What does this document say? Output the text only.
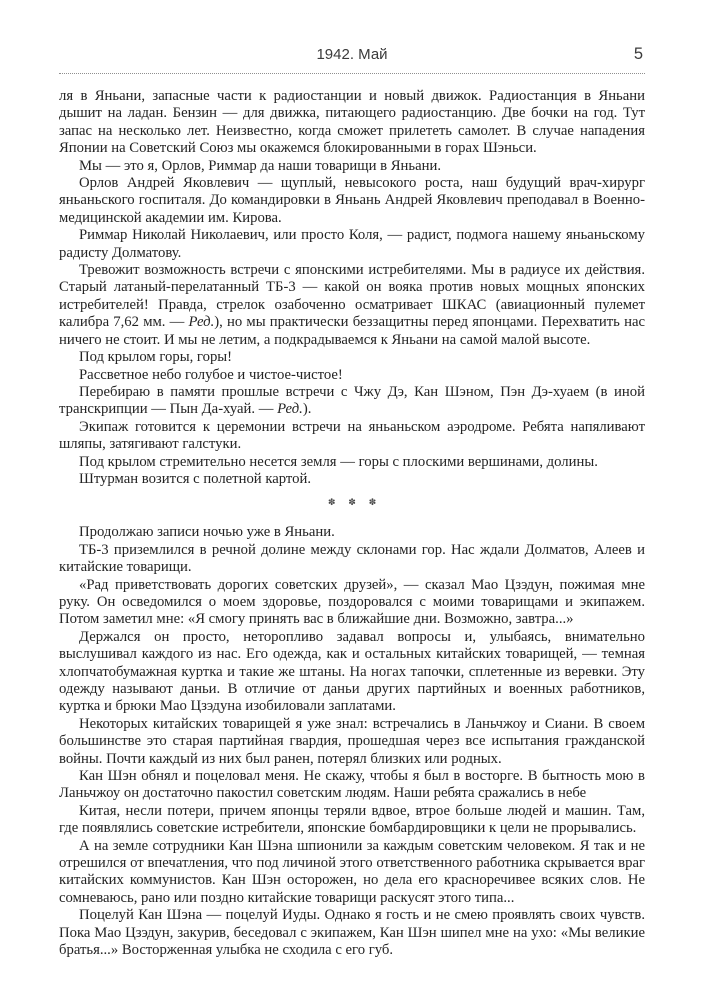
1942. Май	5

ля в Яньани, запасные части к радиостанции и новый движок. Радиостанция в Яньани дышит на ладан. Бензин — для движка, питающего радиостанцию. Две бочки на год. Тут запас на несколько лет. Неизвестно, когда сможет прилететь самолет. В случае нападения Японии на Советский Союз мы окажемся блокированными в горах Шэньси.

Мы — это я, Орлов, Риммар да наши товарищи в Яньани.

Орлов Андрей Яковлевич — щуплый, невысокого роста, наш будущий врач-хирург яньаньского госпиталя. До командировки в Яньань Андрей Яковлевич преподавал в Военно-медицинской академии им. Кирова.

Риммар Николай Николаевич, или просто Коля, — радист, подмога нашему яньаньскому радисту Долматову.

Тревожит возможность встречи с японскими истребителями. Мы в радиусе их действия. Старый латаный-перелатанный ТБ-3 — какой он вояка против новых мощных японских истребителей! Правда, стрелок озабоченно осматривает ШКАС (авиационный пулемет калибра 7,62 мм. — Ред.), но мы практически беззащитны перед японцами. Перехватить нас ничего не стоит. И мы не летим, а подкрадываемся к Яньани на самой малой высоте.

Под крылом горы, горы!

Рассветное небо голубое и чистое-чистое!

Перебираю в памяти прошлые встречи с Чжу Дэ, Кан Шэном, Пэн Дэ-хуаем (в иной транскрипции — Пын Да-хуай. — Ред.).

Экипаж готовится к церемонии встречи на яньаньском аэродроме. Ребята напяливают шляпы, затягивают галстуки.

Под крылом стремительно несется земля — горы с плоскими вершинами, долины.

Штурман возится с полетной картой.

✽ ✽ ✽

Продолжаю записи ночью уже в Яньани.

ТБ-3 приземлился в речной долине между склонами гор. Нас ждали Долматов, Алеев и китайские товарищи.

«Рад приветствовать дорогих советских друзей», — сказал Мао Цзэдун, пожимая мне руку. Он осведомился о моем здоровье, поздоровался с моими товарищами и экипажем. Потом заметил мне: «Я смогу принять вас в ближайшие дни. Возможно, завтра...»

Держался он просто, неторопливо задавал вопросы и, улыбаясь, внимательно выслушивал каждого из нас. Его одежда, как и остальных китайских товарищей, — темная хлопчатобумажная куртка и такие же штаны. На ногах тапочки, сплетенные из веревки. Эту одежду называют даньи. В отличие от даньи других партийных и военных работников, куртка и брюки Мао Цзэдуна изобиловали заплатами.

Некоторых китайских товарищей я уже знал: встречались в Ланьчжоу и Сиани. В своем большинстве это старая партийная гвардия, прошедшая через все испытания гражданской войны. Почти каждый из них был ранен, потерял близких или родных.

Кан Шэн обнял и поцеловал меня. Не скажу, чтобы я был в восторге. В бытность мою в Ланьчжоу он достаточно пакостил советским людям. Наши ребята сражались в небе

Китая, несли потери, причем японцы теряли вдвое, втрое больше людей и машин. Там, где появлялись советские истребители, японские бомбардировщики к цели не прорывались.

А на земле сотрудники Кан Шэна шпионили за каждым советским человеком. Я так и не отрешился от впечатления, что под личиной этого ответственного работника скрывается враг китайских коммунистов. Кан Шэн осторожен, но дела его красноречивее всяких слов. Не сомневаюсь, рано или поздно китайские товарищи раскусят этого типа...

Поцелуй Кан Шэна — поцелуй Иуды. Однако я гость и не смею проявлять своих чувств. Пока Мао Цзэдун, закурив, беседовал с экипажем, Кан Шэн шипел мне на ухо: «Мы великие братья...» Восторженная улыбка не сходила с его губ.
